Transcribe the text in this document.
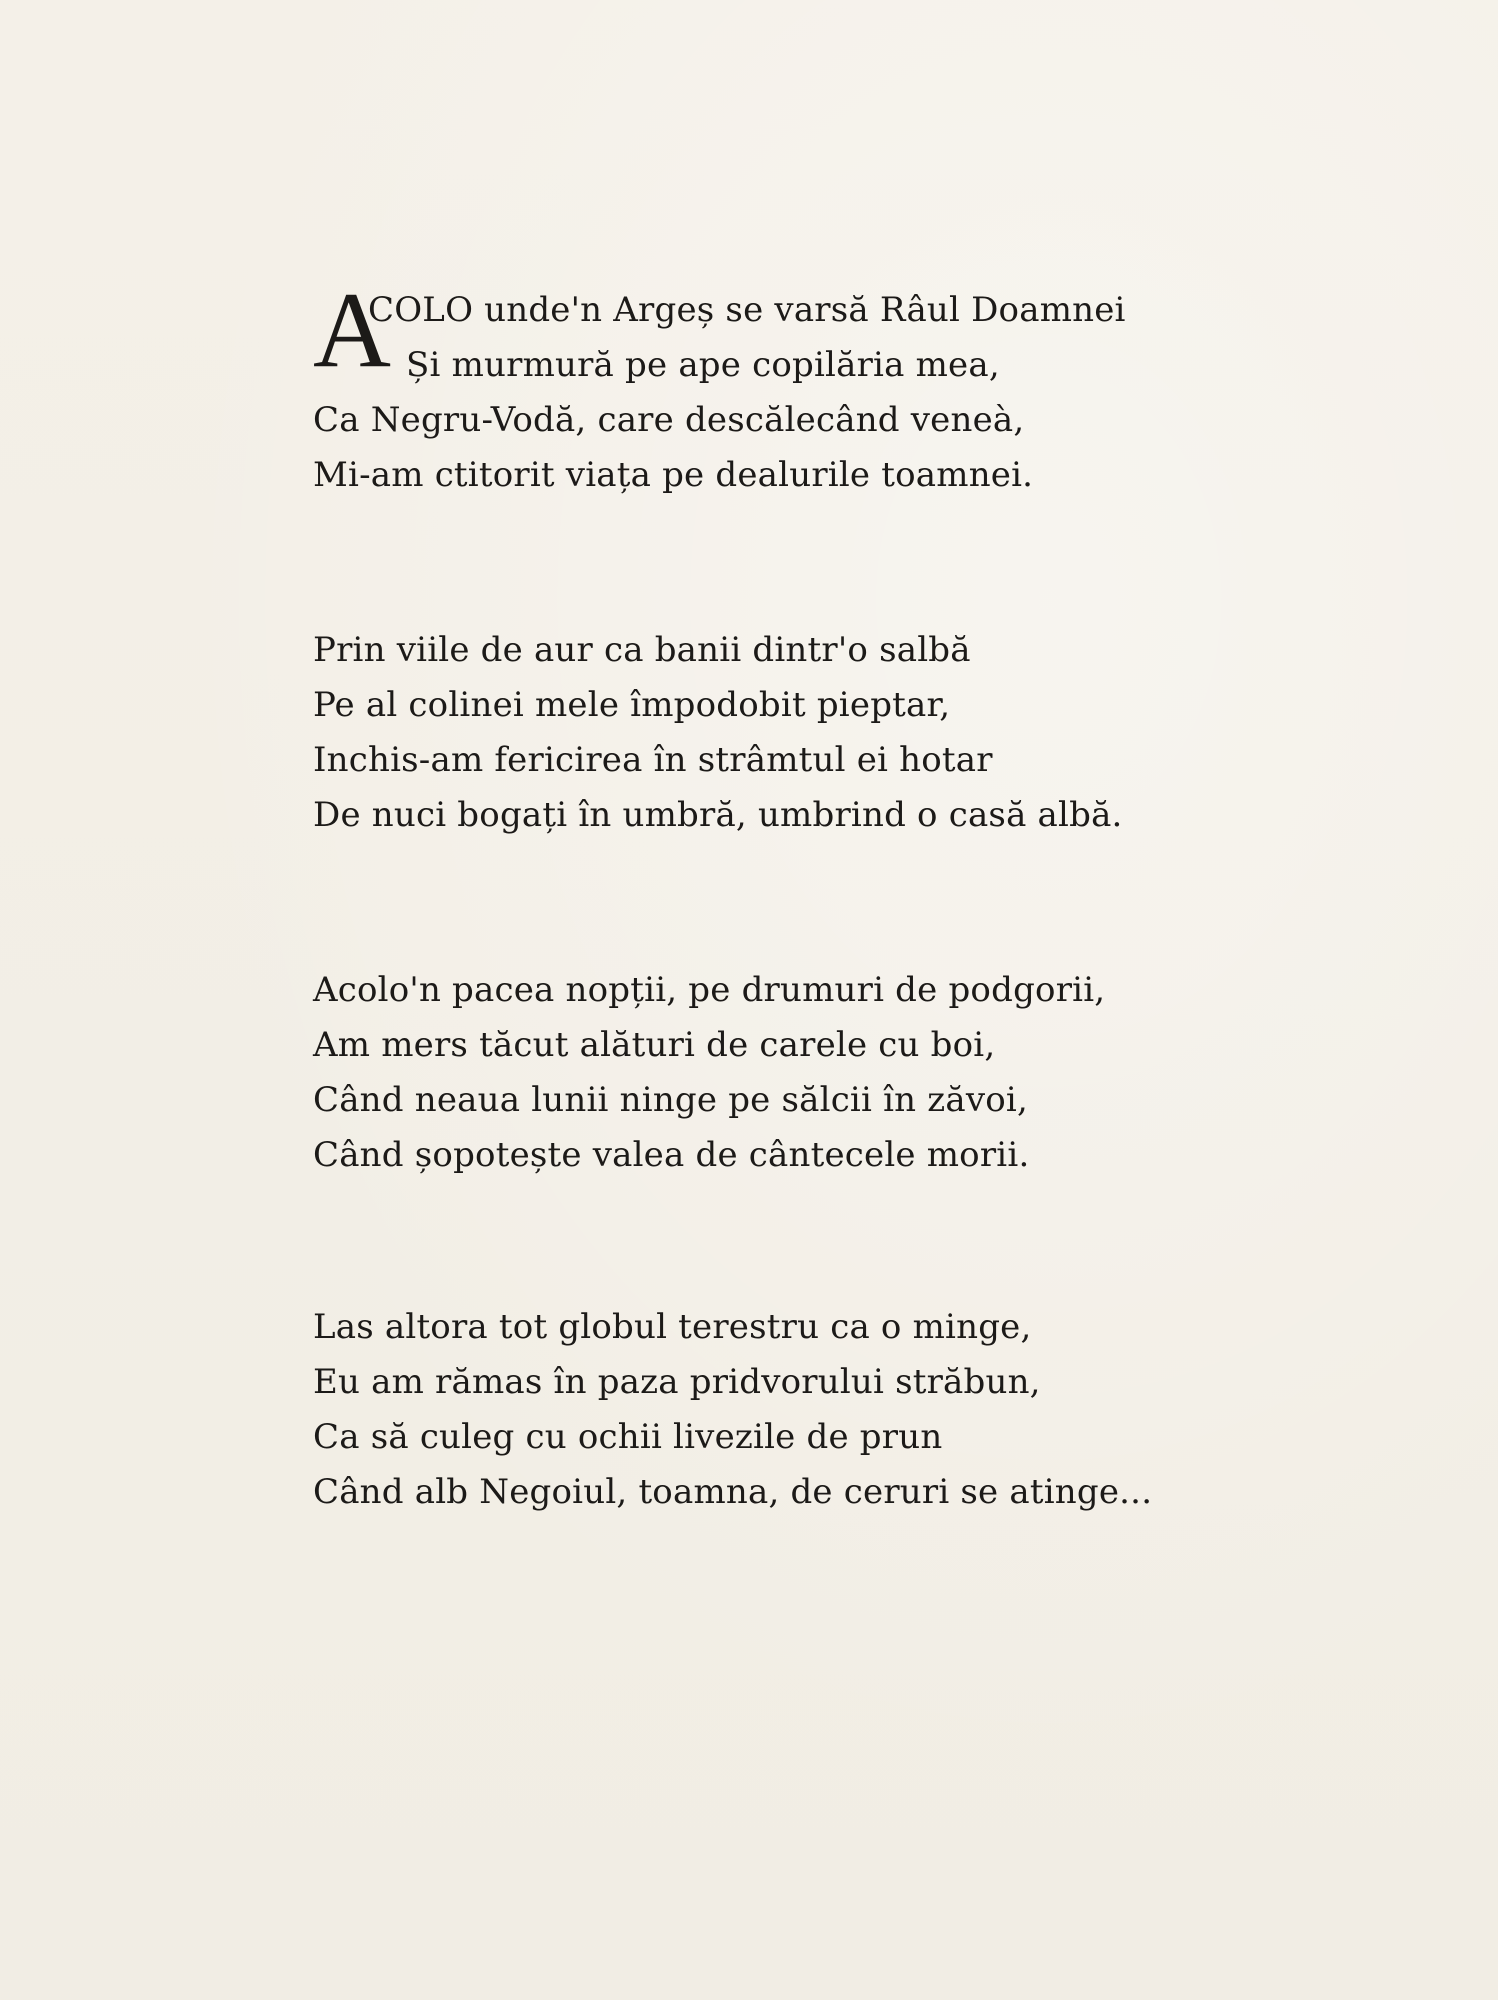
A
COLO unde'n Argeș se varsă Râul Doamnei
Și murmură pe ape copilăria mea,
Ca Negru-Vodă, care descălecând veneà,
Mi-am ctitorit viața pe dealurile toamnei.
Prin viile de aur ca banii dintr'o salbă
Pe al colinei mele împodobit pieptar,
Inchis-am fericirea în strâmtul ei hotar
De nuci bogați în umbră, umbrind o casă albă.
Acolo'n pacea nopții, pe drumuri de podgorii,
Am mers tăcut alături de carele cu boi,
Când neaua lunii ninge pe sălcii în zăvoi,
Când șopotește valea de cântecele morii.
Las altora tot globul terestru ca o minge,
Eu am rămas în paza pridvorului străbun,
Ca să culeg cu ochii livezile de prun
Când alb Negoiul, toamna, de ceruri se atinge...
